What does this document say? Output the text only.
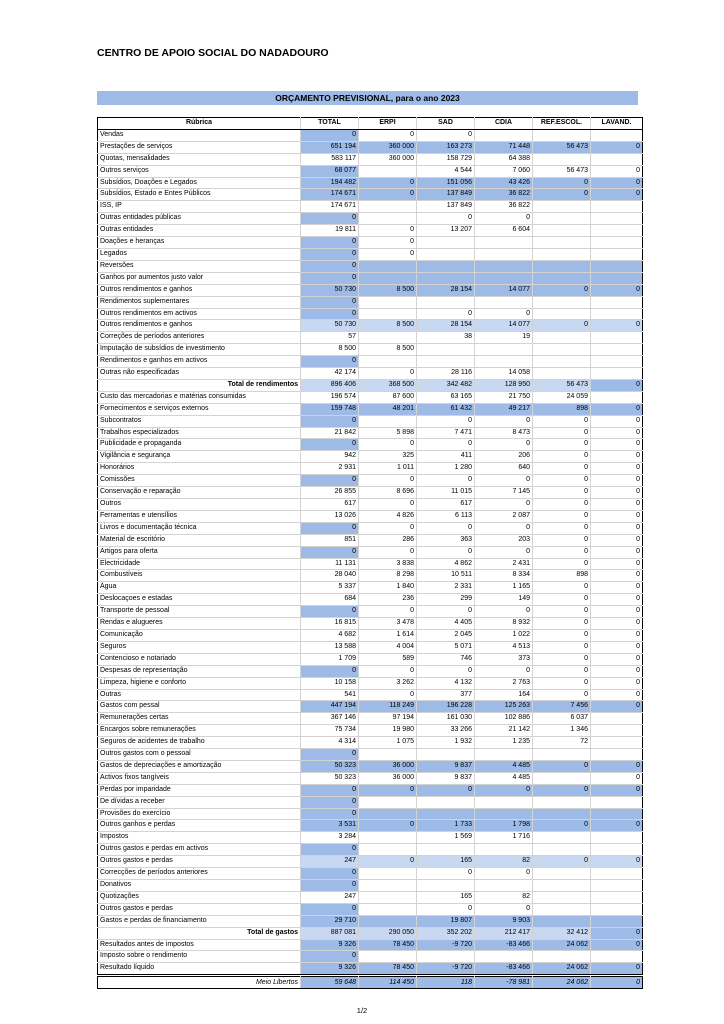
CENTRO DE APOIO SOCIAL DO NADADOURO
ORÇAMENTO PREVISIONAL, para o ano 2023
Rúbrica	TOTAL	ERPI	SAD	CDIA	REF.ESCOL.	LAVAND.
Vendas	0	0	0			
Prestações de serviços	651 194	360 000	163 273	71 448	56 473	0
Quotas, mensalidades	583 117	360 000	158 729	64 388		
Outros serviços	68 077		4 544	7 060	56 473	0
Subsídios, Doações e Legados	194 482	0	151 056	43 426	0	0
Subsídios, Estado e Entes Públicos	174 671	0	137 849	36 822	0	0
ISS, IP	174 671		137 849	36 822		
Outras entidades públicas	0		0	0		
Outras entidades	19 811	0	13 207	6 604		
Doações e heranças	0	0				
Legados	0	0				
Reversões	0					
Ganhos por aumentos justo valor	0					
Outros rendimentos e ganhos	50 730	8 500	28 154	14 077	0	0
Rendimentos suplementares	0					
Outros rendimentos em activos	0		0	0		
Outros rendimentos e ganhos	50 730	8 500	28 154	14 077	0	0
Correções de períodos anteriores	57		38	19		
Imputação de subsídios de investimento	8 500	8 500				
Rendimentos e ganhos em activos	0					
Outras não especificadas	42 174	0	28 116	14 058		
Total de rendimentos	896 406	368 500	342 482	128 950	56 473	0
Custo das mercadorias e matérias consumidas	196 574	87 600	63 165	21 750	24 059	
Fornecimentos e serviços externos	159 748	48 201	61 432	49 217	898	0
Subcontratos	0		0	0	0	0
Trabalhos especializados	21 842	5 898	7 471	8 473	0	0
Publicidade e propaganda	0	0	0	0	0	0
Vigilância e segurança	942	325	411	206	0	0
Honorários	2 931	1 011	1 280	640	0	0
Comissões	0	0	0	0	0	0
Conservação e reparação	26 855	8 696	11 015	7 145	0	0
Outros	617	0	617	0	0	0
Ferramentas e utensílios	13 026	4 826	6 113	2 087	0	0
Livros e documentação técnica	0	0	0	0	0	0
Material de escritório	851	286	363	203	0	0
Artigos para oferta	0	0	0	0	0	0
Electricidade	11 131	3 838	4 862	2 431	0	0
Combustíveis	28 040	8 298	10 511	8 334	898	0
Água	5 337	1 840	2 331	1 165	0	0
Deslocaçoes e estadas	684	236	299	149	0	0
Transporte de pessoal	0	0	0	0	0	0
Rendas e alugueres	16 815	3 478	4 405	8 932	0	0
Comunicação	4 682	1 614	2 045	1 022	0	0
Seguros	13 588	4 004	5 071	4 513	0	0
Contencioso e notariado	1 709	589	746	373	0	0
Despesas de representação	0	0	0	0	0	0
Limpeza, higiene e conforto	10 158	3 262	4 132	2 763	0	0
Outras	541	0	377	164	0	0
Gastos com pessal	447 194	118 249	196 228	125 263	7 456	0
Remunerações certas	367 146	97 194	161 030	102 886	6 037	
Encargos sobre remunerações	75 734	19 980	33 266	21 142	1 346	
Seguros de acidentes de trabalho	4 314	1 075	1 932	1 235	72	
Outros gastos com o pessoal	0					
Gastos de depreciações e amortização	50 323	36 000	9 837	4 485	0	0
Activos fixos tangíveis	50 323	36 000	9 837	4 485		0
Perdas por imparidade	0	0	0	0	0	0
De dívidas a receber	0					
Provisões do exercício	0					
Outros ganhos e perdas	3 531	0	1 733	1 798	0	0
Impostos	3 284		1 569	1 716		
Outros gastos e perdas em activos	0					
Outros gastos e perdas	247	0	165	82	0	0
Correcções de períodos anteriores	0		0	0		
Donativos	0					
Quotizações	247		165	82		
Outros gastos e perdas	0		0	0		
Gastos e perdas de financiamento	29 710		19 807	9 903		
Total de gastos	887 081	290 050	352 202	212 417	32 412	0
Resultados antes de impostos	9 326	78 450	-9 720	-83 466	24 062	0
Imposto sobre o rendimento	0					
Resultado líquido	9 326	78 450	-9 720	-83 466	24 062	0
Meio Libertos	59 648	114 450	118	-78 981	24 062	0
1/2
